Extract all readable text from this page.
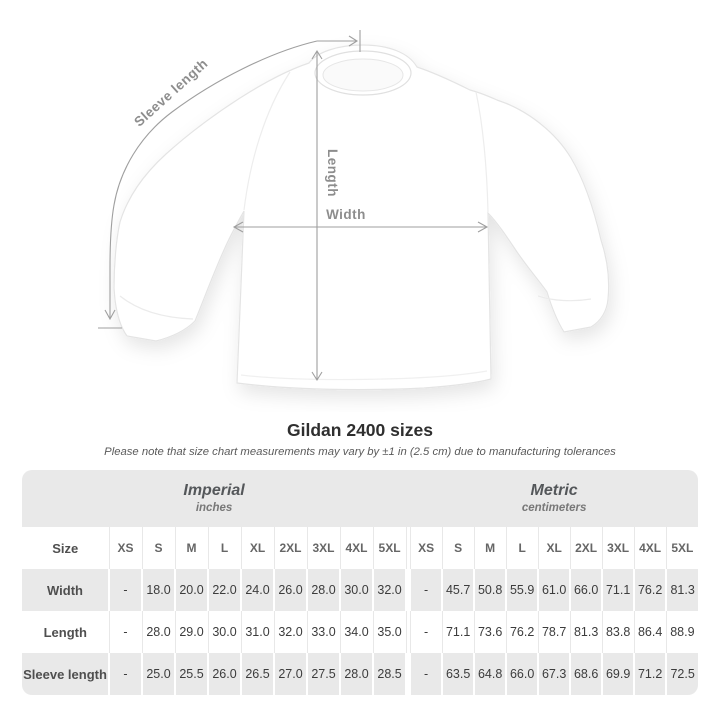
Sleeve length
Length
Width
Gildan 2400 sizes
Please note that size chart measurements may vary by ±1 in (2.5 cm) due to manufacturing tolerances
Imperial
inches

Metric
centimeters

Size	XS	S	M	L	XL	2XL	3XL	4XL	5XL		XS	S	M	L	XL	2XL	3XL	4XL	5XL
Width	-	18.0	20.0	22.0	24.0	26.0	28.0	30.0	32.0		-	45.7	50.8	55.9	61.0	66.0	71.1	76.2	81.3
Length	-	28.0	29.0	30.0	31.0	32.0	33.0	34.0	35.0		-	71.1	73.6	76.2	78.7	81.3	83.8	86.4	88.9
Sleeve length	-	25.0	25.5	26.0	26.5	27.0	27.5	28.0	28.5		-	63.5	64.8	66.0	67.3	68.6	69.9	71.2	72.5
